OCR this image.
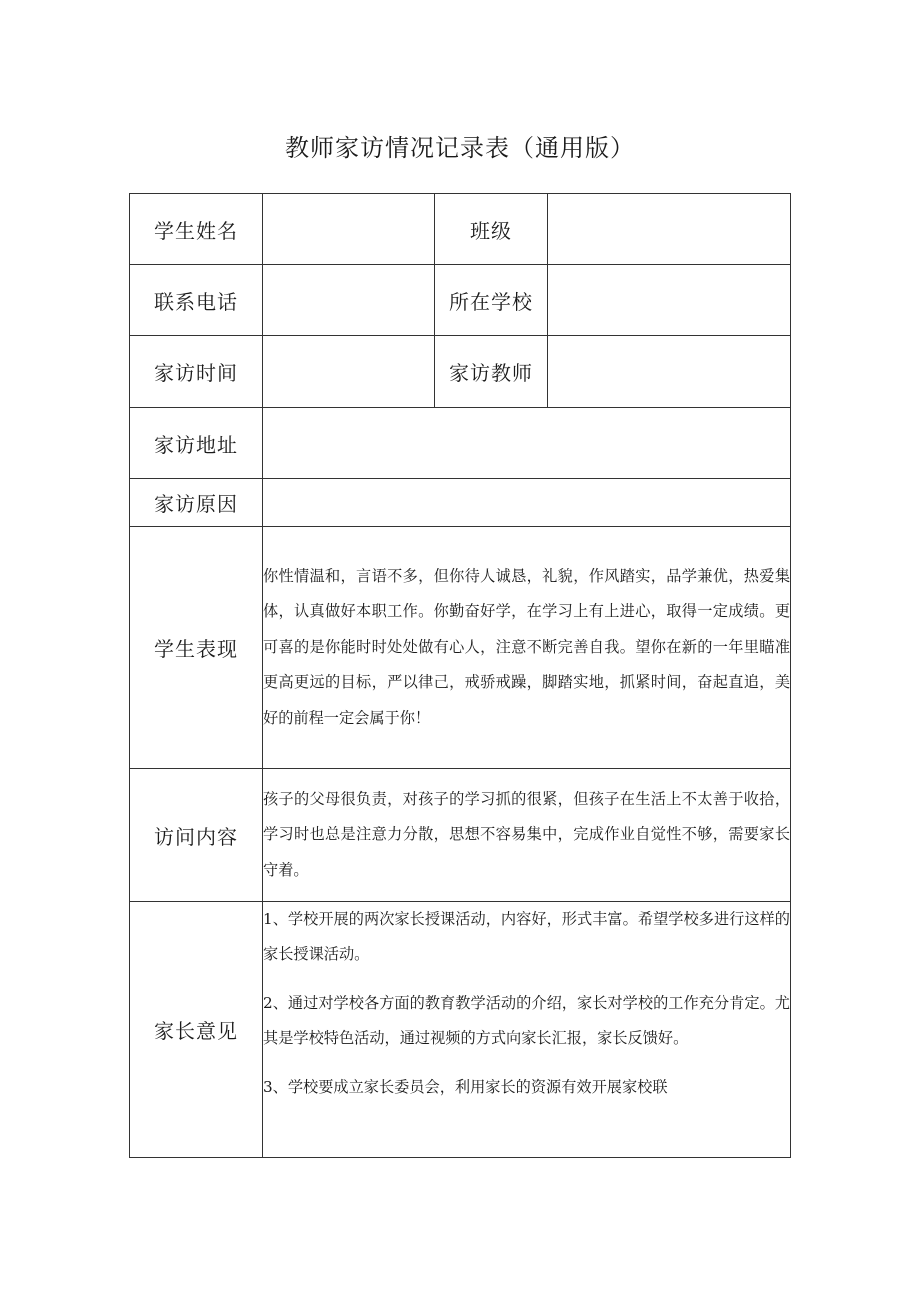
教师家访情况记录表（通用版）
学生姓名		班级	
联系电话		所在学校	
家访时间		家访教师	
家访地址			
家访原因			
学生表现	你性情温和，言语不多，但你待人诚恳，礼貌，作风踏实，品学兼优，热爱集体，认真做好本职工作。你勤奋好学，在学习上有上进心，取得一定成绩。更可喜的是你能时时处处做有心人，注意不断完善自我。望你在新的一年里瞄准更高更远的目标，严以律己，戒骄戒躁，脚踏实地，抓紧时间，奋起直追，美好的前程一定会属于你！		
访问内容	孩子的父母很负责，对孩子的学习抓的很紧，但孩子在生活上不太善于收拾，学习时也总是注意力分散，思想不容易集中，完成作业自觉性不够，需要家长守着。		
家长意见	1、学校开展的两次家长授课活动，内容好，形式丰富。希望学校多进行这样的家长授课活动。

2、通过对学校各方面的教育教学活动的介绍，家长对学校的工作充分肯定。尤其是学校特色活动，通过视频的方式向家长汇报，家长反馈好。

3、学校要成立家长委员会，利用家长的资源有效开展家校联		
